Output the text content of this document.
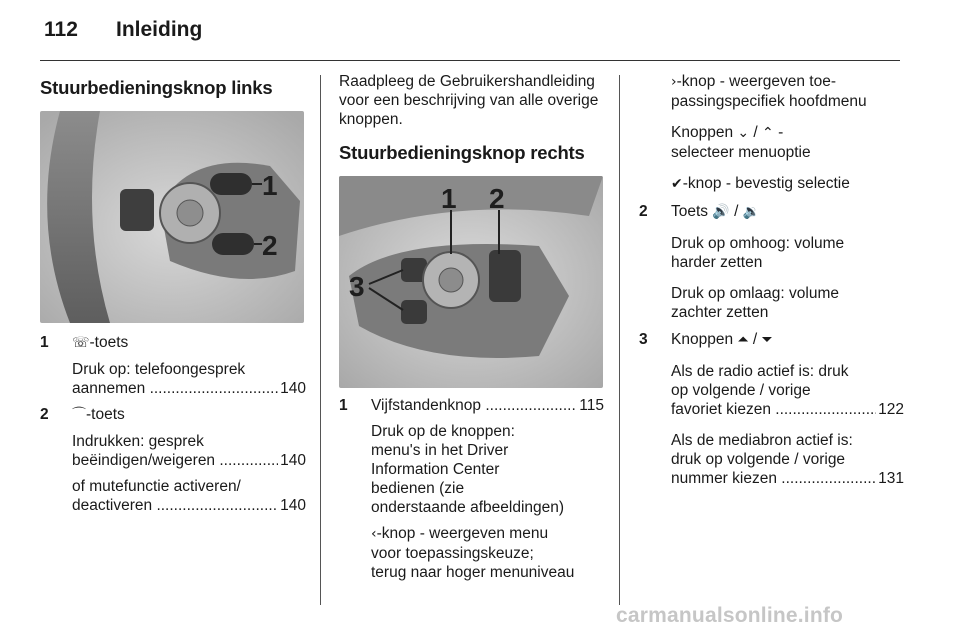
112 Inleiding
Stuurbedieningsknop links
1
2
1 ☏-toets

Druk op: telefoongesprek
aannemen .....	140
2 ⌒-toets

Indrukken: gesprek
beëindigen/weigeren .....	140
of mutefunctie activeren/
deactiveren .....	140

Raadpleeg de Gebruikershandleiding voor een beschrijving van alle overige knoppen.

Stuurbedieningsknop rechts
1 2
3
1 Vijfstandenknop .....	115
Druk op de knoppen:
menu's in het Driver
Information Center
bedienen (zie
onderstaande afbeeldingen)
‹-knop - weergeven menu
voor toepassingskeuze;
terug naar hoger menuniveau
›-knop - weergeven toe-
passingspecifiek hoofdmenu
Knoppen ⌄ / ⌃ -
selecteer menuoptie
✔-knop - bevestig selectie
2 Toets 🔊 / 🔉

Druk op omhoog: volume
harder zetten
Druk op omlaag: volume
zachter zetten
3 Knoppen ⏶ / ⏷

Als de radio actief is: druk
op volgende / vorige
favoriet kiezen .....	122
Als de mediabron actief is:
druk op volgende / vorige
nummer kiezen .....	131
carmanualsonline.info
